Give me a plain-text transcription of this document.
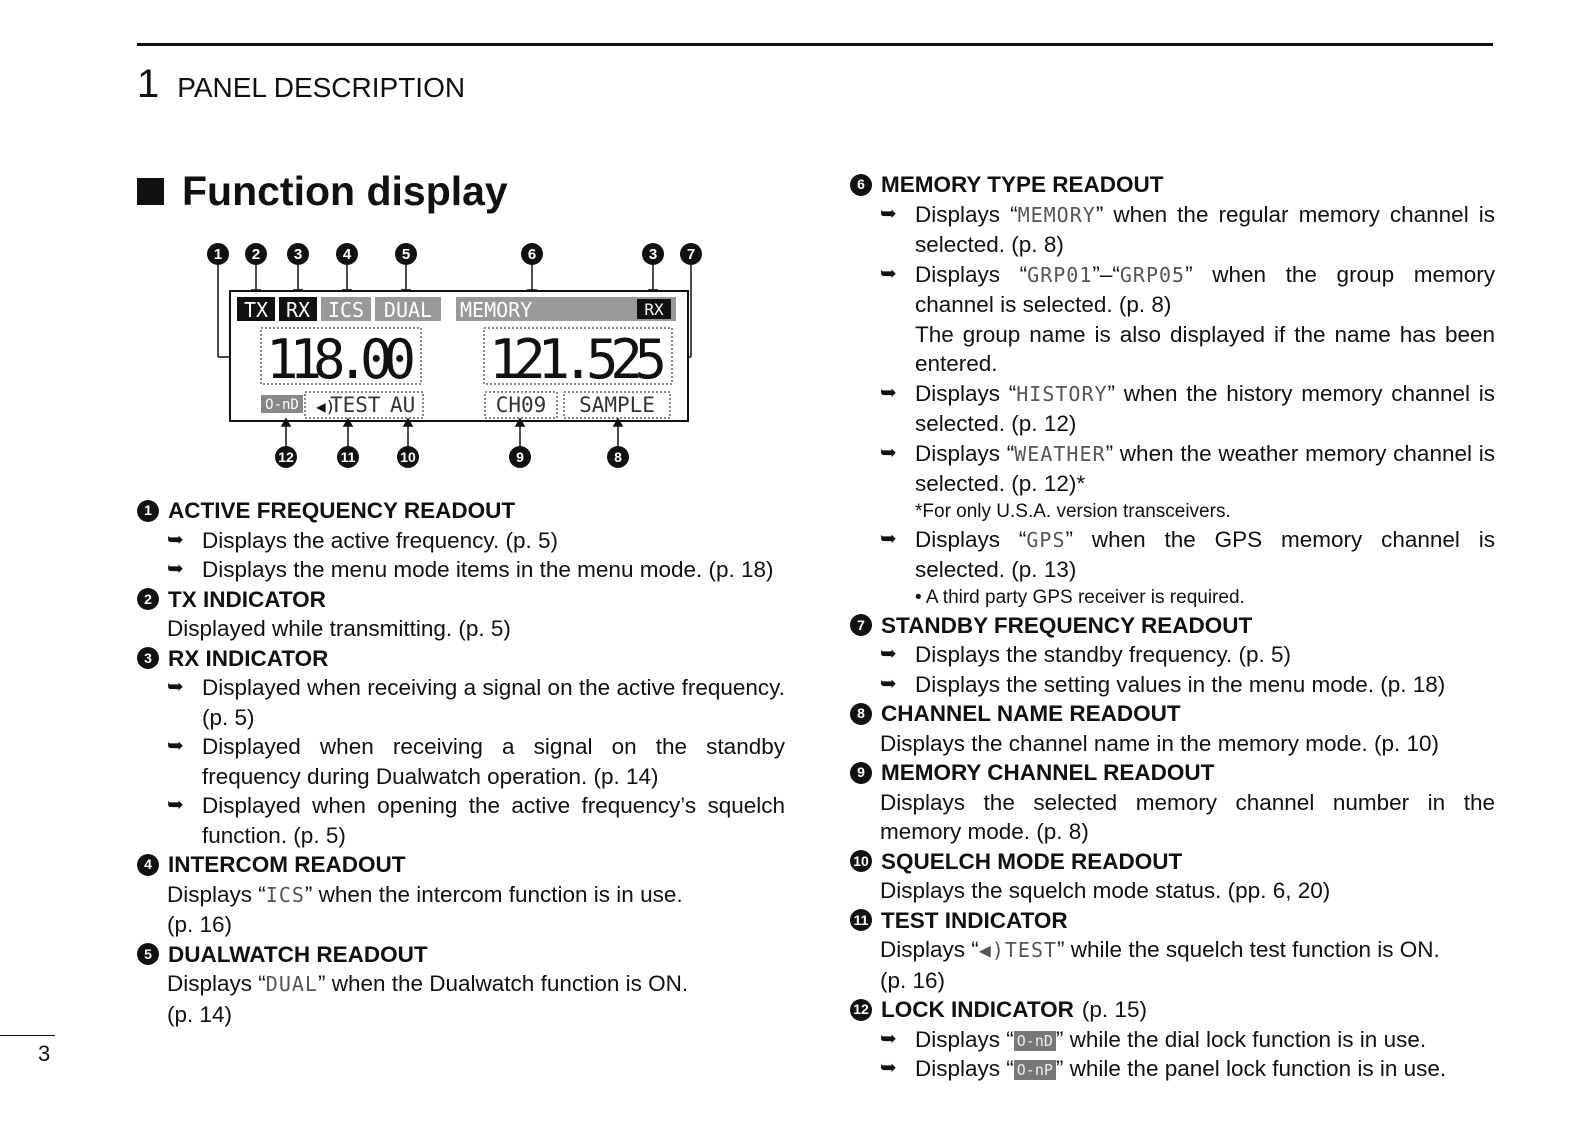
1 PANEL DESCRIPTION
Function display
1 2 3	4	5	6	3 7
TX RX ICS DUAL MEMORY	RX
118.00 121.525
O-nD ◀)
TEST AU	CH09 SAMPLE
12	11	10	9	8
1 ACTIVE FREQUENCY READOUT
➥ Displays the active frequency. (p. 5)
➥ Displays the menu mode items in the menu mode. (p. 18)
2 TX INDICATOR
Displayed while transmitting. (p. 5)
3 RX INDICATOR
➥ Displayed when receiving a signal on the active frequency. (p. 5)
➥ Displayed when receiving a signal on the standby frequency during Dualwatch operation. (p. 14)
➥ Displayed when opening the active frequency’s squelch function. (p. 5)
4 INTERCOM READOUT
Displays “ICS” when the intercom function is in use.
(p. 16)
5 DUALWATCH READOUT
Displays “DUAL” when the Dualwatch function is ON.
(p. 14)
6 MEMORY TYPE READOUT
➥ Displays “MEMORY” when the regular memory channel is selected. (p. 8)
➥ Displays “GRP01”–“GRP05” when the group memory channel is selected. (p. 8)
The group name is also displayed if the name has been entered.
➥ Displays “HISTORY” when the history memory channel is selected. (p. 12)
➥ Displays “WEATHER” when the weather memory channel is selected. (p. 12)*
*For only U.S.A. version transceivers.
➥ Displays “GPS” when the GPS memory channel is selected. (p. 13)
• A third party GPS receiver is required.
7 STANDBY FREQUENCY READOUT
➥ Displays the standby frequency. (p. 5)
➥ Displays the setting values in the menu mode. (p. 18)
8 CHANNEL NAME READOUT
Displays the channel name in the memory mode. (p. 10)
9 MEMORY CHANNEL READOUT
Displays the selected memory channel number in the memory mode. (p. 8)
10 SQUELCH MODE READOUT
Displays the squelch mode status. (pp. 6, 20)
11 TEST INDICATOR
Displays “◀)TEST” while the squelch test function is ON.
(p. 16)
12 LOCK INDICATOR (p. 15)
➥ Displays “ O-nD ” while the dial lock function is in use.
➥ Displays “ O-nP ” while the panel lock function is in use.
3
